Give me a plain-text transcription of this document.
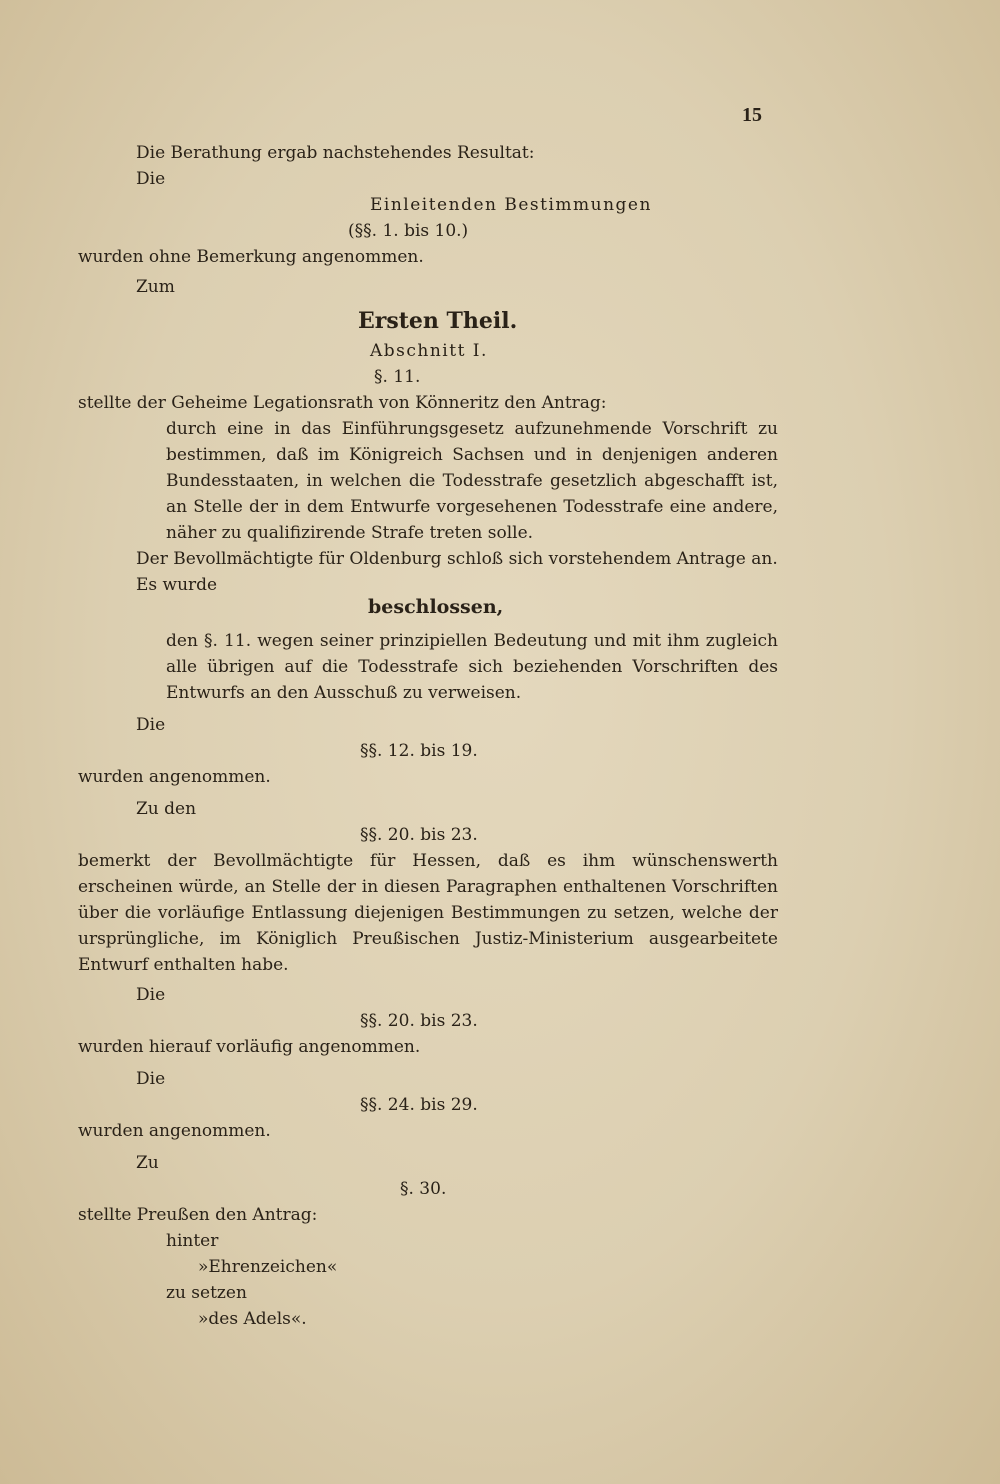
15
Die Berathung ergab nachstehendes Resultat:
Die
Einleitenden Bestimmungen
(§§. 1. bis 10.)
wurden ohne Bemerkung angenommen.
Zum
Ersten Theil.
Abschnitt I.
§. 11.
stellte der Geheime Legationsrath von Könneritz den Antrag:
durch eine in das Einführungsgesetz aufzunehmende Vorschrift zu bestimmen, daß im Königreich Sachsen und in denjenigen anderen Bundesstaaten, in welchen die Todesstrafe gesetzlich abgeschafft ist, an Stelle der in dem Entwurfe vorgesehenen Todesstrafe eine andere, näher zu qualifizirende Strafe treten solle.
Der Bevollmächtigte für Oldenburg schloß sich vorstehendem Antrage an.
Es wurde
beschlossen,
den §. 11. wegen seiner prinzipiellen Bedeutung und mit ihm zugleich alle übrigen auf die Todesstrafe sich beziehenden Vorschriften des Entwurfs an den Ausschuß zu verweisen.
Die
§§. 12. bis 19.
wurden angenommen.
Zu den
§§. 20. bis 23.
bemerkt der Bevollmächtigte für Hessen, daß es ihm wünschenswerth erscheinen würde, an Stelle der in diesen Paragraphen enthaltenen Vorschriften über die vorläufige Entlassung diejenigen Bestimmungen zu setzen, welche der ursprüngliche, im Königlich Preußischen Justiz-Ministerium ausgearbeitete Entwurf enthalten habe.
Die
§§. 20. bis 23.
wurden hierauf vorläufig angenommen.
Die
§§. 24. bis 29.
wurden angenommen.
Zu
§. 30.
stellte Preußen den Antrag:
hinter
»Ehrenzeichen«
zu setzen
»des Adels«.
